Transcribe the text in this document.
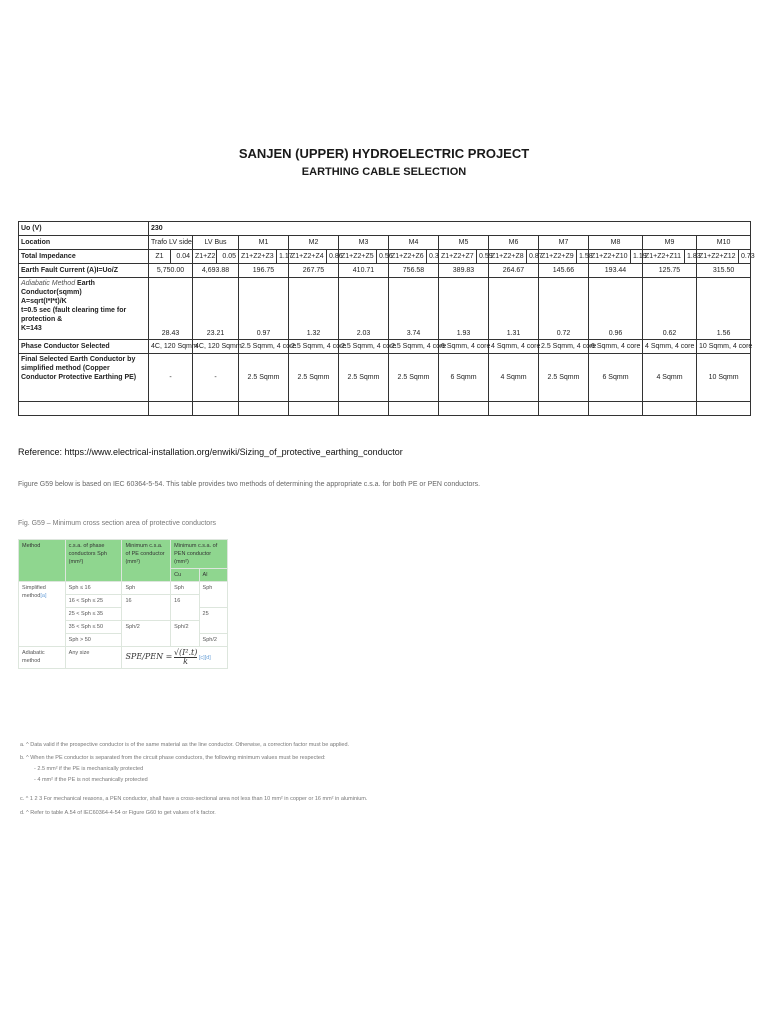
SANJEN (UPPER) HYDROELECTRIC PROJECT
EARTHING CABLE SELECTION
Uo (V)	230																							
Location	Trafo LV side		LV Bus		M1		M2		M3		M4		M5		M6		M7		M8		M9		M10	
Total Impedance	Z1	0.04	Z1+Z2	0.05	Z1+Z2+Z3	1.17	Z1+Z2+Z4	0.86	Z1+Z2+Z5	0.56	Z1+Z2+Z6	0.3	Z1+Z2+Z7	0.59	Z1+Z2+Z8	0.87	Z1+Z2+Z9	1.58	Z1+Z2+Z10	1.19	Z1+Z2+Z11	1.83	Z1+Z2+Z12	0.73
Earth Fault Current (A)I=Uo/Z	5,750.00		4,693.88		196.75		267.75		410.71		756.58		389.83		264.67		145.66		193.44		125.75		315.50	

Adiabatic Method Earth Conductor(sqmm)
A=sqrt(I*I*t)/K
t=0.5 sec (fault clearing time for protection &
K=143	28.43		23.21		0.97		1.32		2.03		3.74		1.93		1.31		0.72		0.96		0.62		1.56	
Phase Conductor Selected	4C, 120 Sqmm		4C, 120 Sqmm		2.5 Sqmm, 4 core		2.5 Sqmm, 4 core		2.5 Sqmm, 4 core		2.5 Sqmm, 4 core		6 Sqmm, 4 core		4 Sqmm, 4 core		2.5 Sqmm, 4 core		6 Sqmm, 4 core		4 Sqmm, 4 core		10 Sqmm, 4 core	
Final Selected Earth Conductor by simplified method (Copper Conductor Protective Earthing PE)	-		-		2.5 Sqmm		2.5 Sqmm		2.5 Sqmm		2.5 Sqmm		6 Sqmm		4 Sqmm		2.5 Sqmm		6 Sqmm		4 Sqmm		10 Sqmm	

Reference: https://www.electrical-installation.org/enwiki/Sizing_of_protective_earthing_conductor
Figure G59 below is based on IEC 60364-5-54. This table provides two methods of determining the appropriate c.s.a. for both PE or PEN conductors.
Fig. G59 – Minimum cross section area of protective conductors
Method	c.s.a. of phase conductors Sph (mm²)	Minimum c.s.a. of PE conductor (mm²)	Minimum c.s.a. of PEN conductor (mm²)	
			Cu	Al
Simplified method[a]	Sph ≤ 16	Sph	Sph	Sph
	16 < Sph ≤ 25	16	16	
	25 < Sph ≤ 35			25
	35 < Sph ≤ 50	Sph/2	Sph/2	
	Sph > 50			Sph/2
Adiabatic method	Any size	$SPE/PEN = \frac{\text{√(I².t)}}{k} [c][d]$		
a. ^ Data valid if the prospective conductor is of the same material as the line conductor. Otherwise, a correction factor must be applied.
b. ^ When the PE conductor is separated from the circuit phase conductors, the following minimum values must be respected:
- 2.5 mm² if the PE is mechanically protected
- 4 mm² if the PE is not mechanically protected
c. ^ 1 2 3 For mechanical reasons, a PEN conductor, shall have a cross-sectional area not less than 10 mm² in copper or 16 mm² in aluminium.
d. ^ Refer to table A.54 of IEC60364-4-54 or Figure G60 to get values of k factor.
